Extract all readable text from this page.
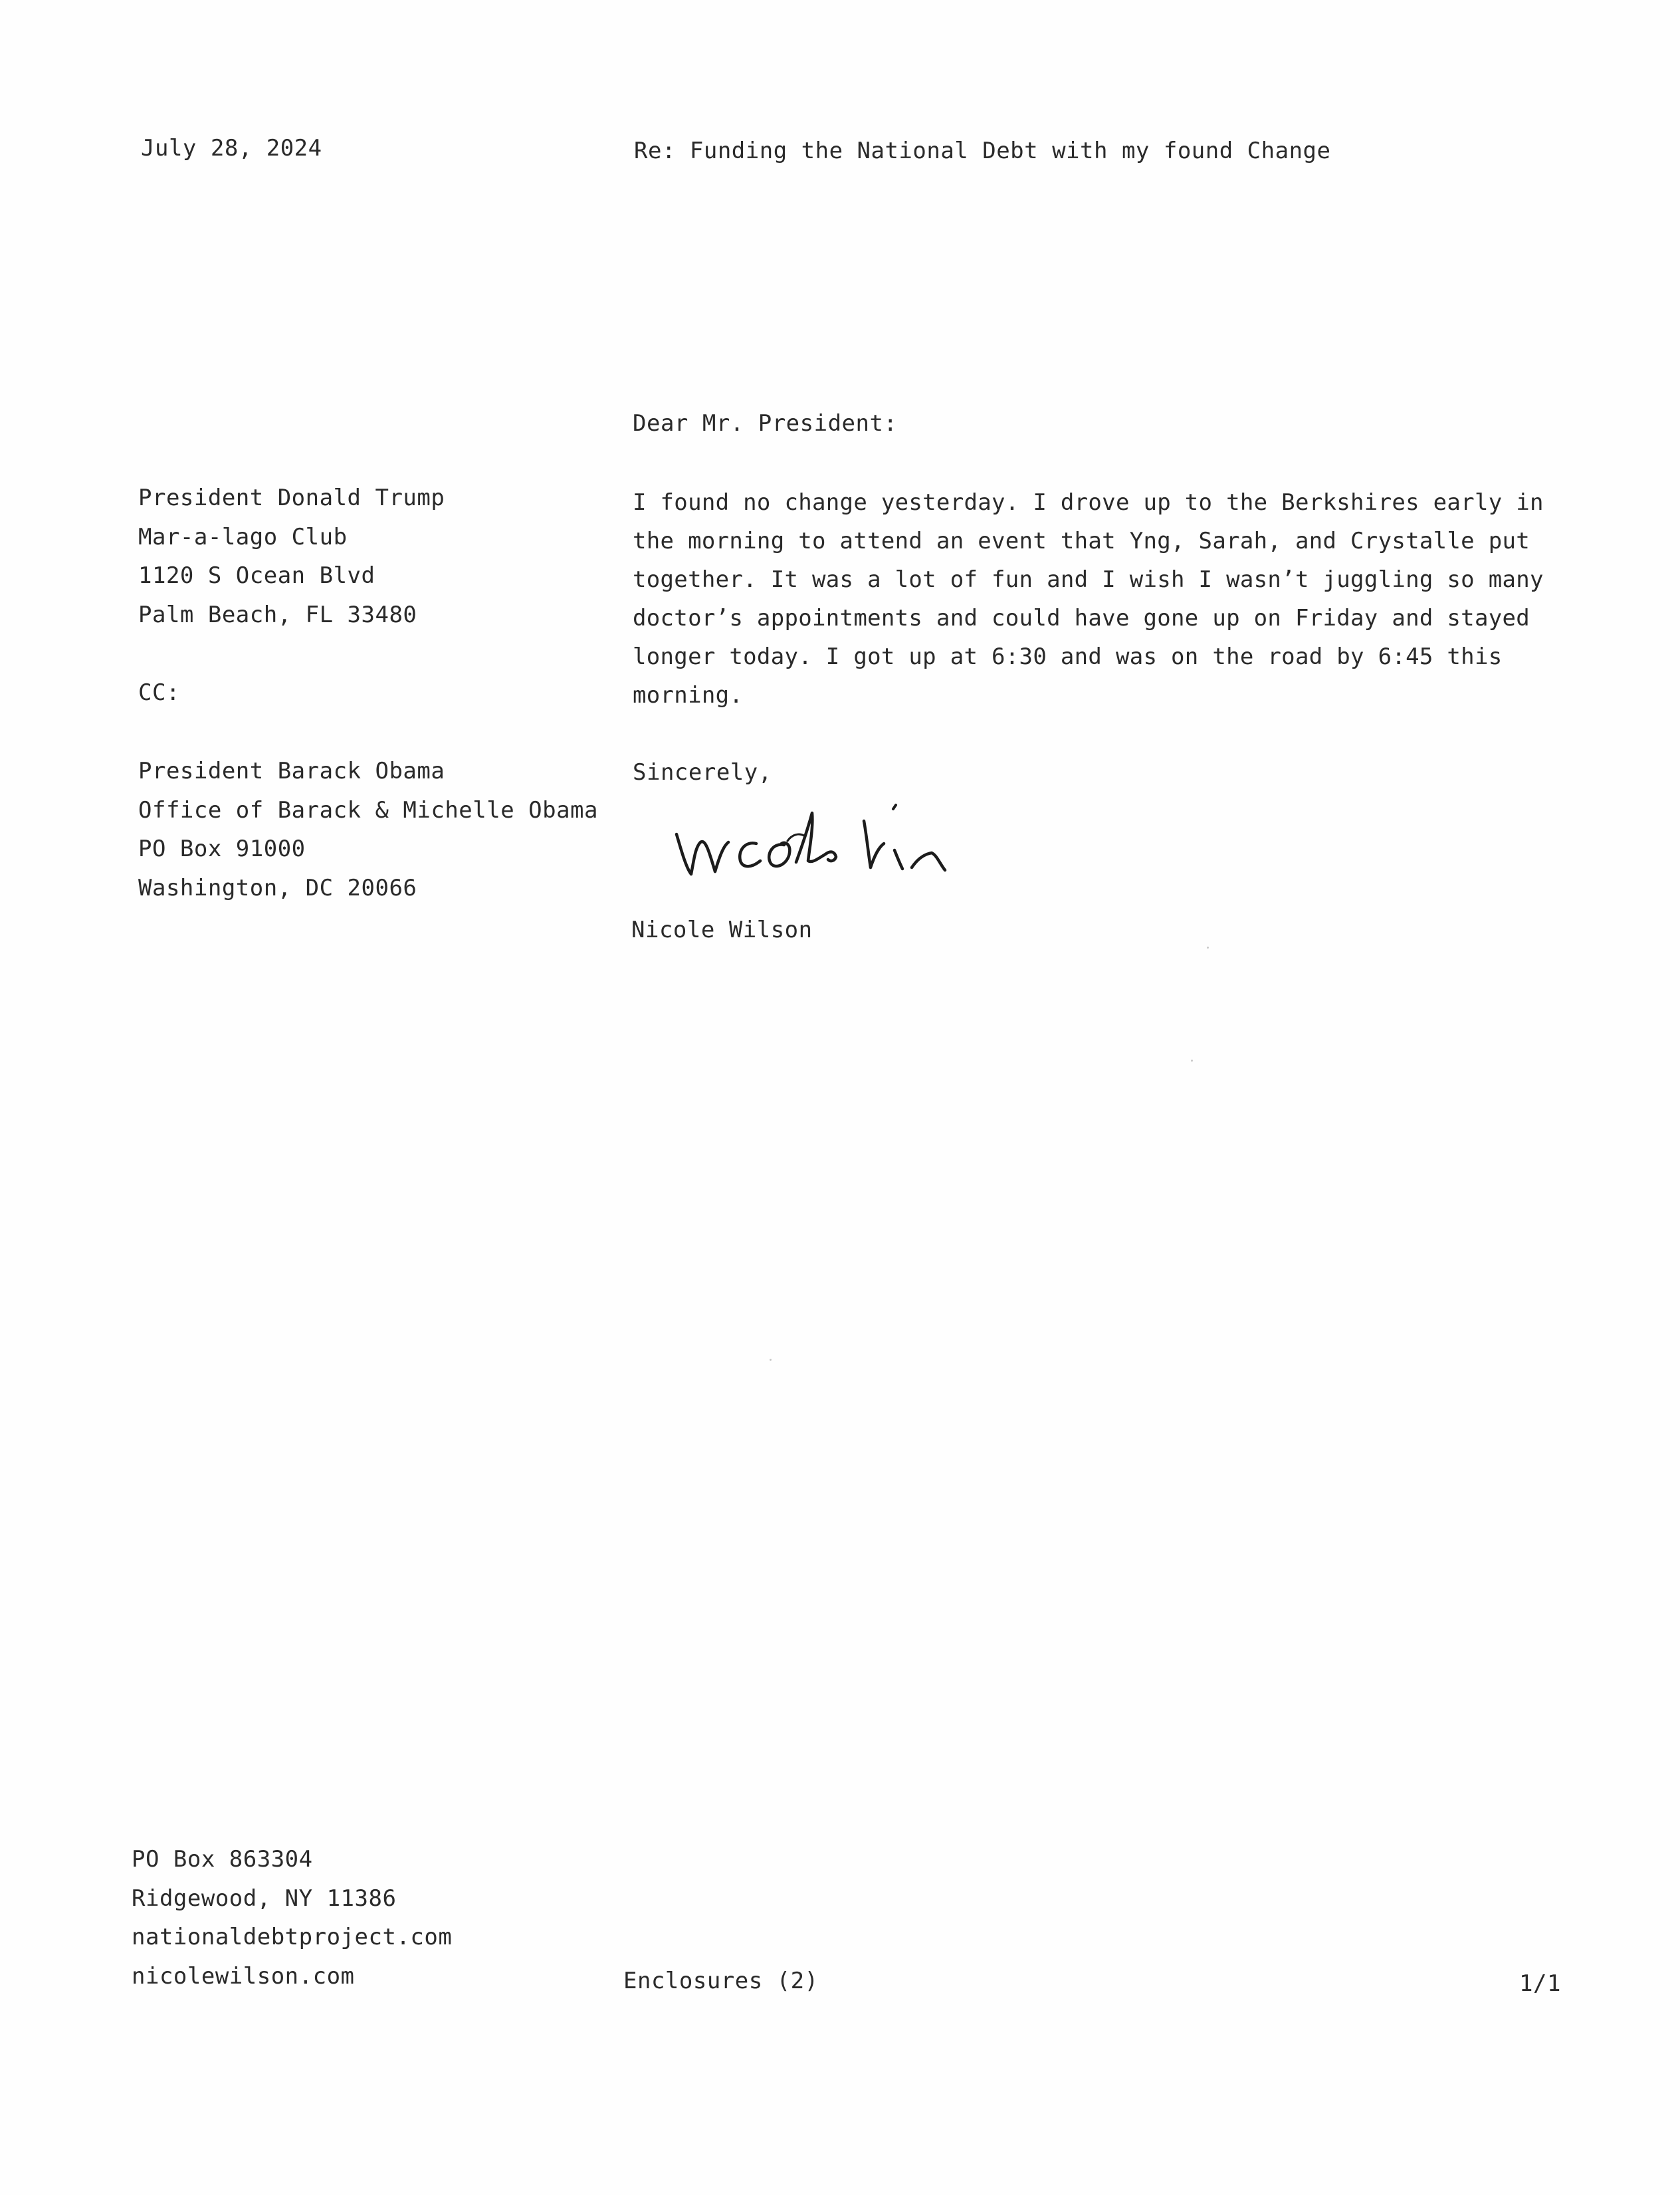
July 28, 2024	Re: Funding the National Debt with my found Change
Dear Mr. President:
President Donald Trump
Mar-a-lago Club
1120 S Ocean Blvd
Palm Beach, FL 33480
CC:
President Barack Obama
Office of Barack & Michelle Obama
PO Box 91000
Washington, DC 20066
I found no change yesterday. I drove up to the Berkshires early in
the morning to attend an event that Yng, Sarah, and Crystalle put
together. It was a lot of fun and I wish I wasn’t juggling so many
doctor’s appointments and could have gone up on Friday and stayed
longer today. I got up at 6:30 and was on the road by 6:45 this
morning.
Sincerely,
Nicole Wilson
PO Box 863304
Ridgewood, NY 11386
nationaldebtproject.com
nicolewilson.com	Enclosures (2)	1/1
